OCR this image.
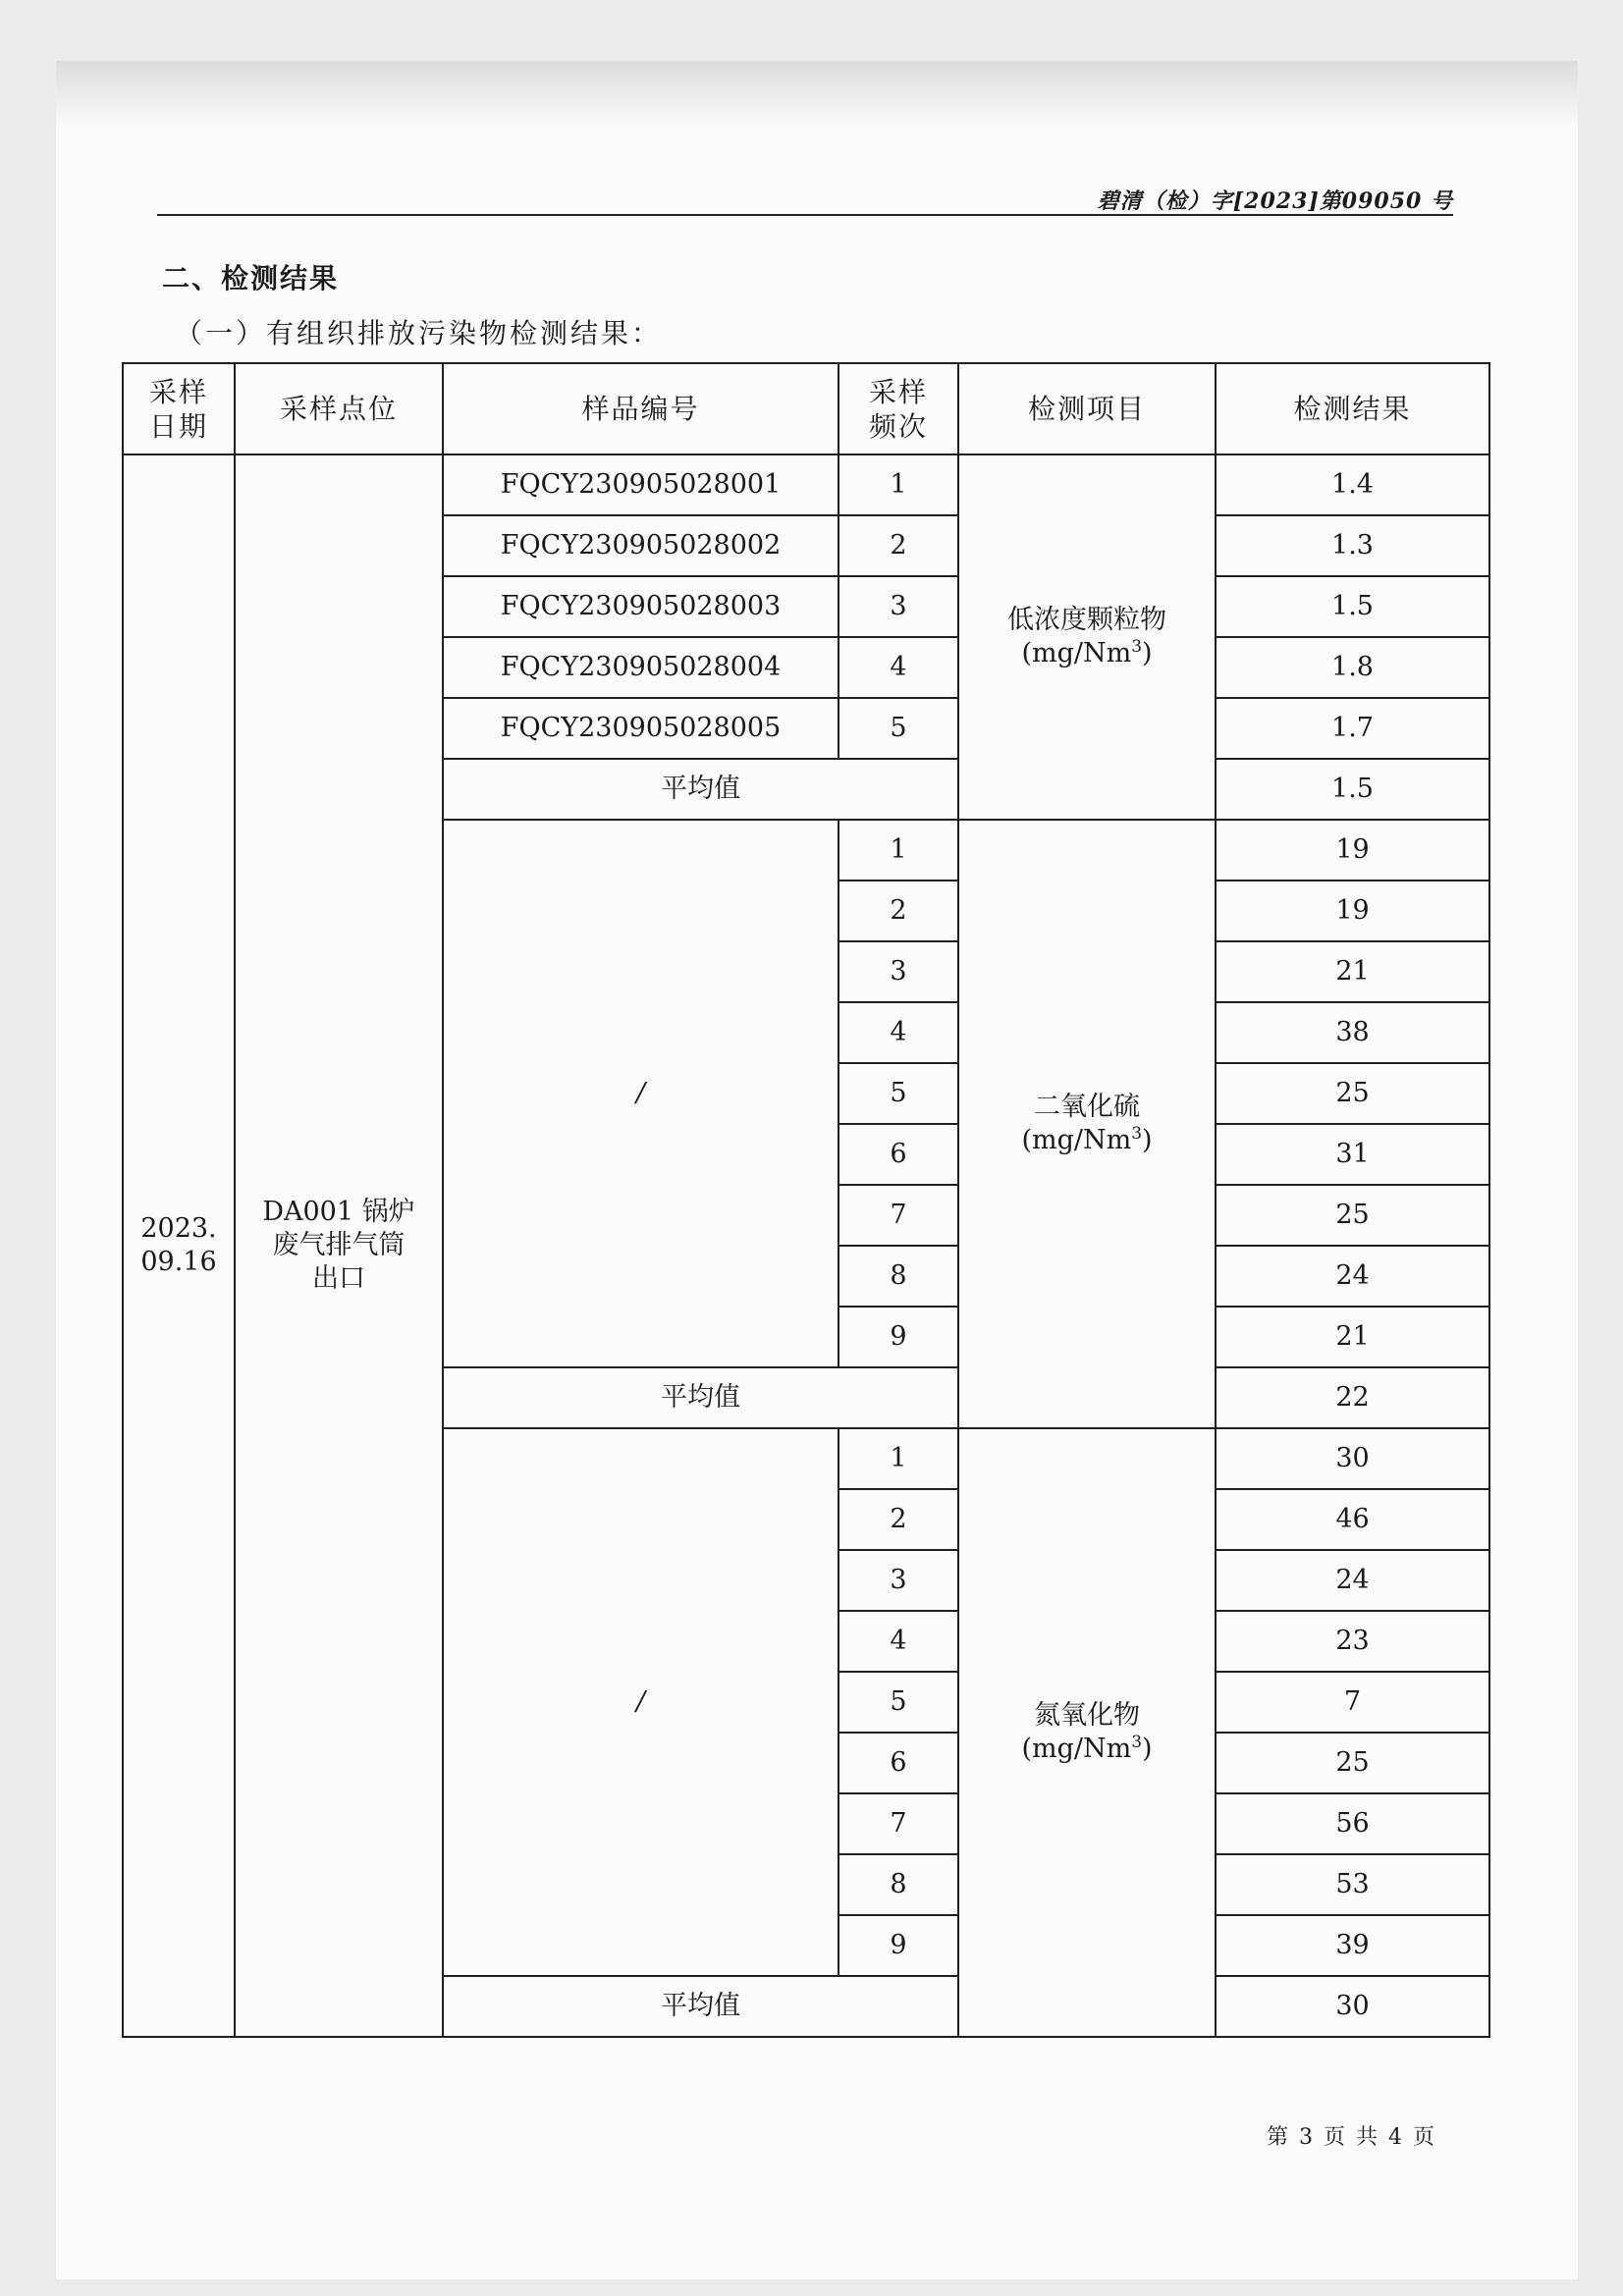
碧清（检）字[2023]第09050 号
二、检测结果
（一）有组织排放污染物检测结果：
采样
日期	采样点位	样品编号	采样
频次	检测项目	检测结果
2023.
09.16	DA001 锅炉
废气排气筒
出口	FQCY230905028001	1	低浓度颗粒物
(mg/Nm$^3$)	1.4
		FQCY230905028002	2		1.3
		FQCY230905028003	3		1.5
		FQCY230905028004	4		1.8
		FQCY230905028005	5		1.7
		平均值			1.5
		/	1	二氧化硫
(mg/Nm$^3$)	19
			2		19
			3		21
			4		38
			5		25
			6		31
			7		25
			8		24
			9		21
		平均值			22
		/	1	氮氧化物
(mg/Nm$^3$)	30
			2		46
			3		24
			4		23
			5		7
			6		25
			7		56
			8		53
			9		39
		平均值			30
第 3 页 共 4 页
